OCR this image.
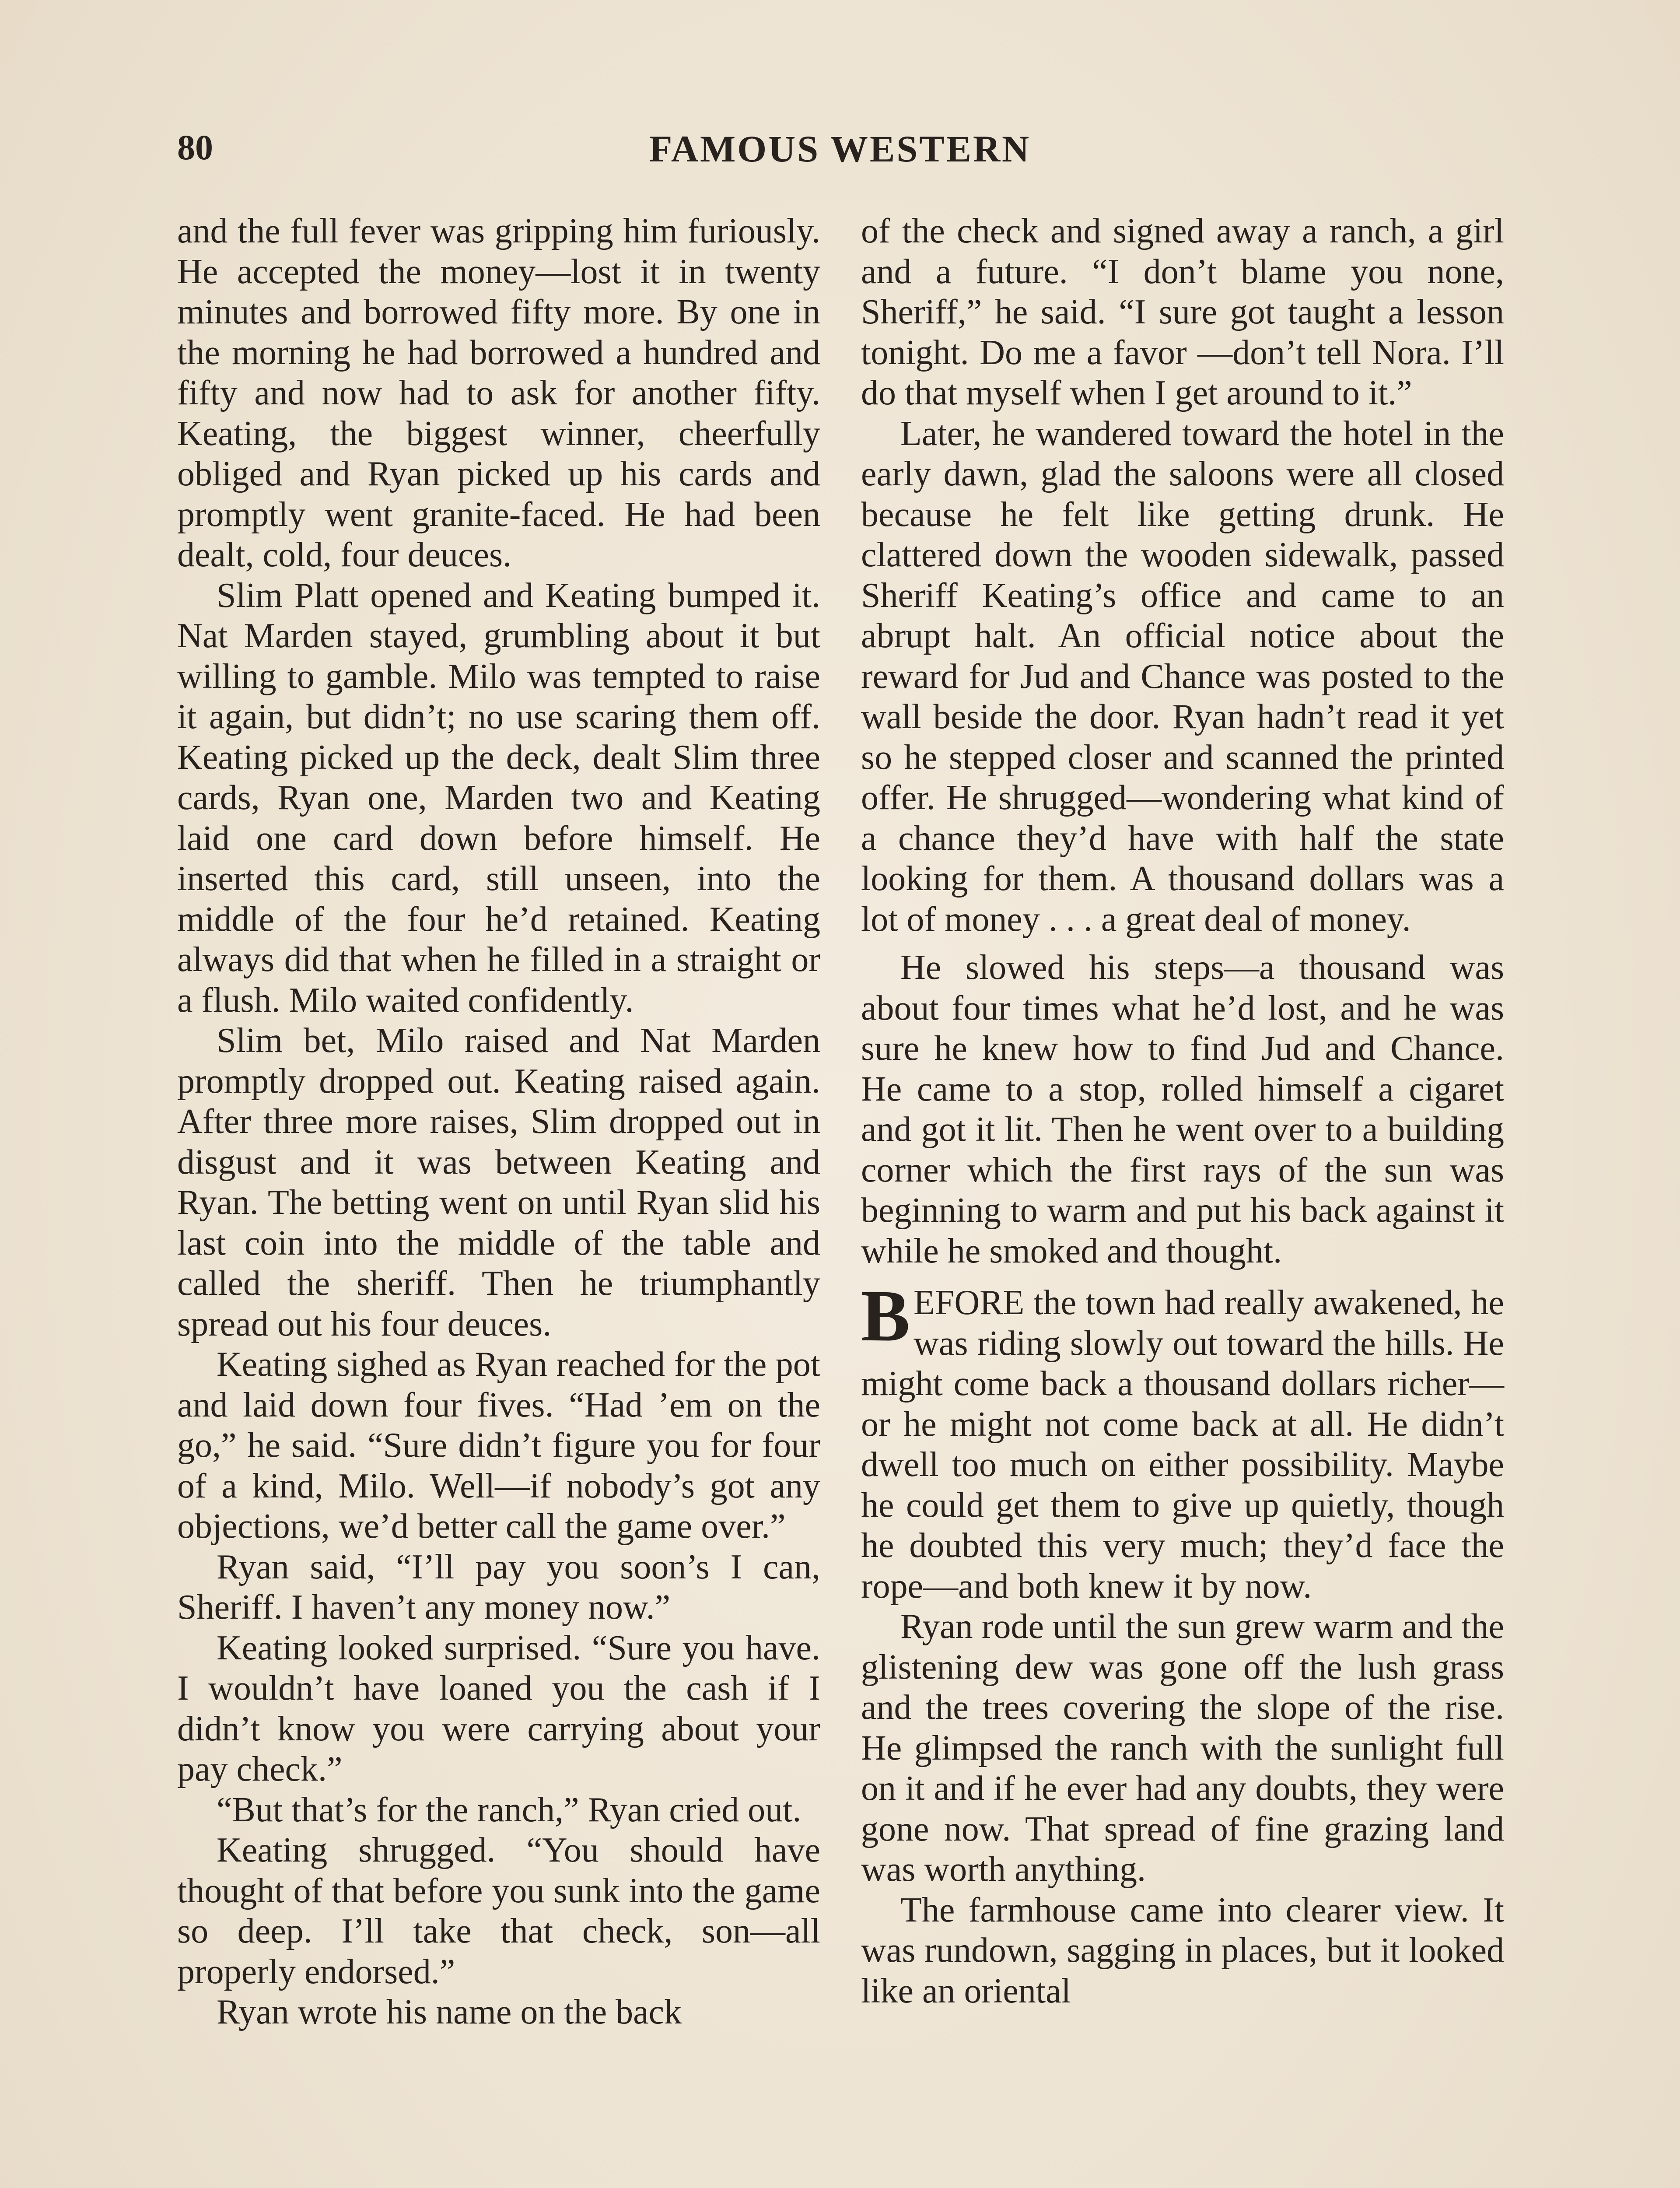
80	FAMOUS WESTERN

and the full fever was gripping him furiously. He accepted the money—lost it in twenty minutes and borrowed fifty more. By one in the morning he had borrowed a hundred and fifty and now had to ask for another fifty. Keating, the biggest winner, cheerfully obliged and Ryan picked up his cards and promptly went granite-faced. He had been dealt, cold, four deuces.

Slim Platt opened and Keating bumped it. Nat Marden stayed, grumbling about it but willing to gamble. Milo was tempted to raise it again, but didn’t; no use scaring them off. Keating picked up the deck, dealt Slim three cards, Ryan one, Marden two and Keating laid one card down before himself. He inserted this card, still unseen, into the middle of the four he’d retained. Keating always did that when he filled in a straight or a flush. Milo waited confidently.

Slim bet, Milo raised and Nat Marden promptly dropped out. Keating raised again. After three more raises, Slim dropped out in disgust and it was between Keating and Ryan. The betting went on until Ryan slid his last coin into the middle of the table and called the sheriff. Then he triumphantly spread out his four deuces.

Keating sighed as Ryan reached for the pot and laid down four fives. “Had ’em on the go,” he said. “Sure didn’t figure you for four of a kind, Milo. Well—if nobody’s got any objections, we’d better call the game over.”

Ryan said, “I’ll pay you soon’s I can, Sheriff. I haven’t any money now.”

Keating looked surprised. “Sure you have. I wouldn’t have loaned you the cash if I didn’t know you were carrying about your pay check.”

“But that’s for the ranch,” Ryan cried out.

Keating shrugged. “You should have thought of that before you sunk into the game so deep. I’ll take that check, son—all properly endorsed.”

Ryan wrote his name on the back

of the check and signed away a ranch, a girl and a future. “I don’t blame you none, Sheriff,” he said. “I sure got taught a lesson tonight. Do me a favor —don’t tell Nora. I’ll do that myself when I get around to it.”

Later, he wandered toward the hotel in the early dawn, glad the saloons were all closed because he felt like getting drunk. He clattered down the wooden sidewalk, passed Sheriff Keating’s office and came to an abrupt halt. An official notice about the reward for Jud and Chance was posted to the wall beside the door. Ryan hadn’t read it yet so he stepped closer and scanned the printed offer. He shrugged—wondering what kind of a chance they’d have with half the state looking for them. A thousand dollars was a lot of money . . . a great deal of money.

He slowed his steps—a thousand was about four times what he’d lost, and he was sure he knew how to find Jud and Chance. He came to a stop, rolled himself a cigaret and got it lit. Then he went over to a building corner which the first rays of the sun was beginning to warm and put his back against it while he smoked and thought.

BEFORE the town had really awakened, he was riding slowly out toward the hills. He might come back a thousand dollars richer—or he might not come back at all. He didn’t dwell too much on either possibility. Maybe he could get them to give up quietly, though he doubted this very much; they’d face the rope—and both knew it by now.

Ryan rode until the sun grew warm and the glistening dew was gone off the lush grass and the trees covering the slope of the rise. He glimpsed the ranch with the sunlight full on it and if he ever had any doubts, they were gone now. That spread of fine grazing land was worth anything.

The farmhouse came into clearer view. It was rundown, sagging in places, but it looked like an oriental
